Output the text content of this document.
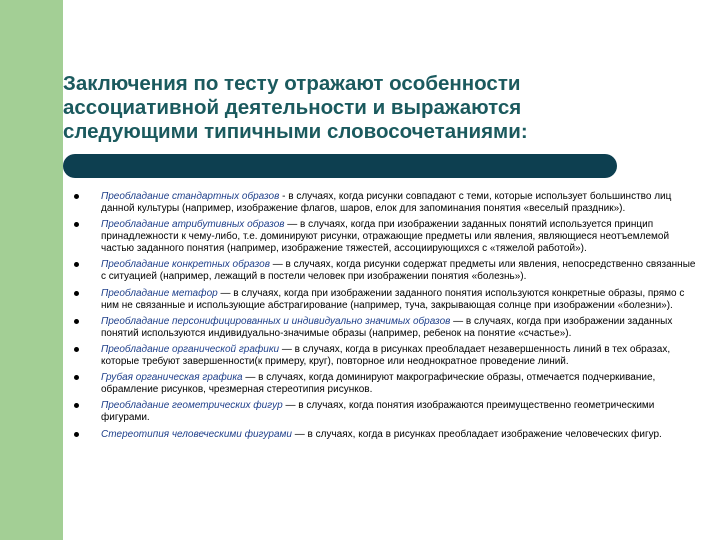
Заключения по тесту отражают особенности
ассоциативной деятельности и выражаются
следующими типичными словосочетаниями:
Преобладание стандартных образов - в случаях, когда рисунки совпадают с теми, которые использует большинство лиц данной культуры (например, изображение флагов, шаров, елок для запоминания понятия «веселый праздник»).
Преобладание атрибутивных образов — в случаях, когда при изображении заданных понятий используется принцип принадлежности к чему-либо, т.е. доминируют рисунки, отражающие предметы или явления, являющиеся неотъемлемой частью заданного понятия (например, изображение тяжестей, ассоциирующихся с «тяжелой работой»).
Преобладание конкретных образов — в случаях, когда рисунки содержат предметы или явления, непосредственно связанные с ситуацией (например, лежащий в постели человек при изображении понятия «болезнь»).
Преобладание метафор — в случаях, когда при изображении заданного понятия используются конкретные образы, прямо с ним не связанные и использующие абстрагирование (например, туча, закрывающая солнце при изображении «болезни»).
Преобладание персонифицированных и индивидуально значимых образов — в случаях, когда при изображении заданных понятий используются индивидуально-значимые образы (например, ребенок на понятие «счастье»).
Преобладание органической графики — в случаях, когда в рисунках преобладает незавершенность линий в тех образах, которые требуют завершенности(к примеру, круг), повторное или неоднократное проведение линий.
Грубая органическая графика — в случаях, когда доминируют макрографические образы, отмечается подчеркивание, обрамление рисунков, чрезмерная стереотипия рисунков.
Преобладание геометрических фигур — в случаях, когда понятия изображаются преимущественно геометрическими фигурами.
Стереотипия человеческими фигурами — в случаях, когда в рисунках преобладает изображение человеческих фигур.
